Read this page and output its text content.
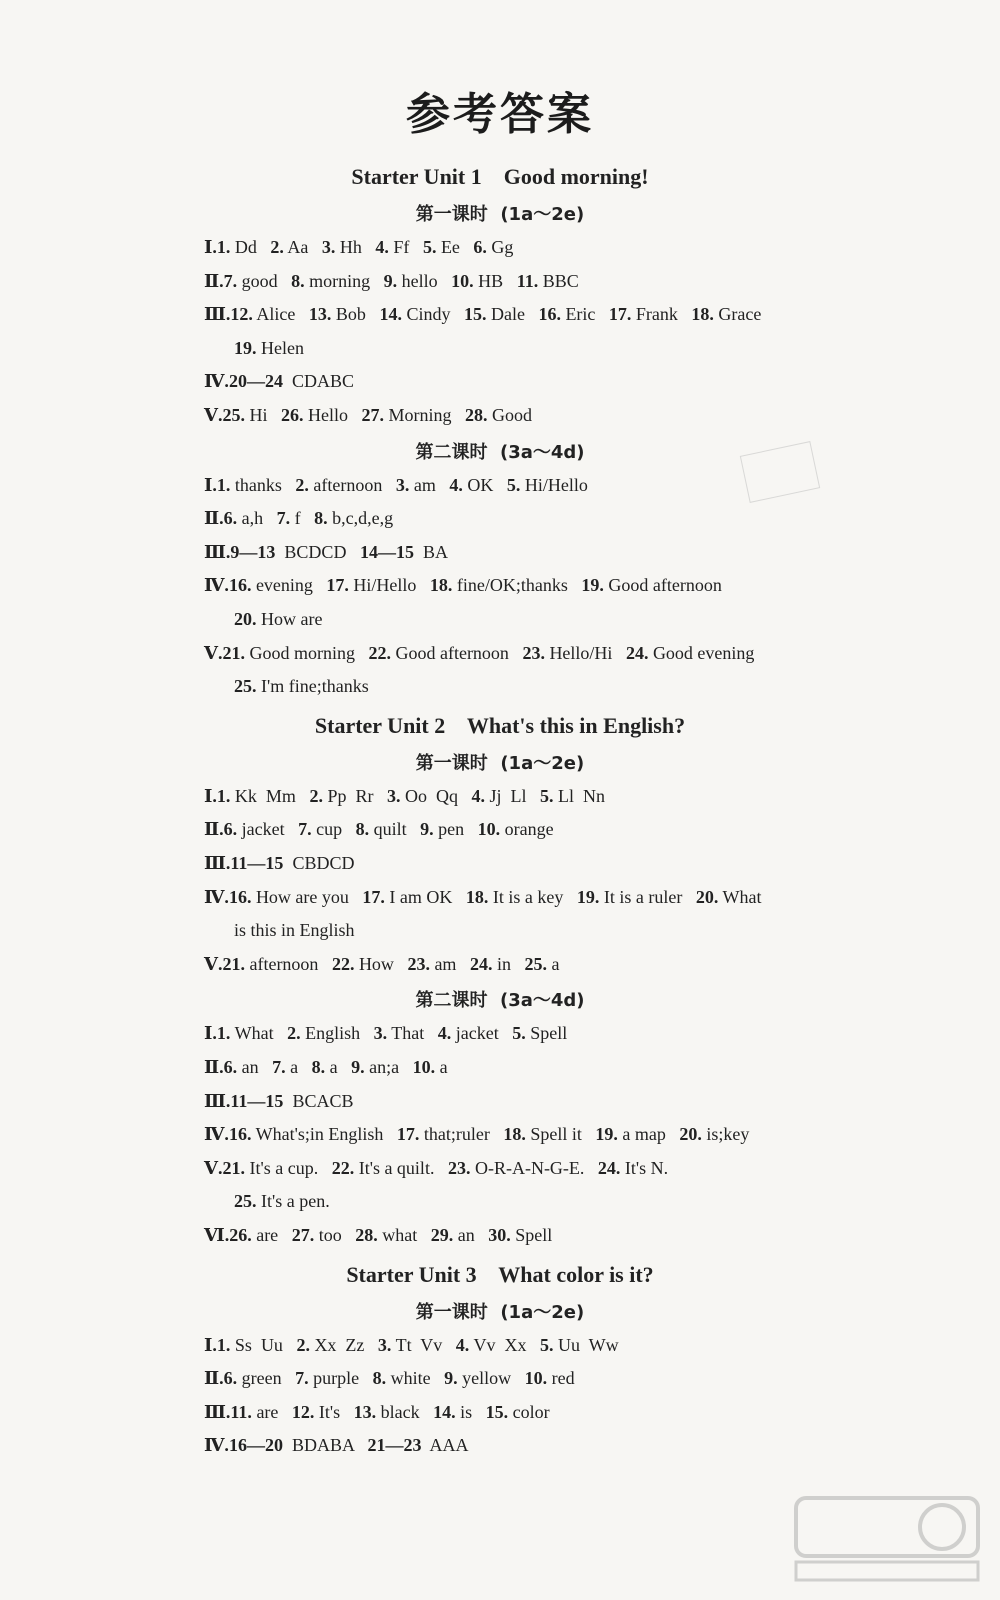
参考答案
Starter Unit 1    Good morning!
第一课时  (1a～2e)
Ⅰ.1. Dd 2. Aa 3. Hh 4. Ff 5. Ee 6. Gg
Ⅱ.7. good 8. morning 9. hello 10. HB 11. BBC
Ⅲ.12. Alice 13. Bob 14. Cindy 15. Dale 16. Eric 17. Frank 18. Grace
19. Helen
Ⅳ.20—24  CDABC
Ⅴ.25. Hi 26. Hello 27. Morning 28. Good
第二课时  (3a～4d)
Ⅰ.1. thanks 2. afternoon 3. am 4. OK 5. Hi/Hello
Ⅱ.6. a,h 7. f 8. b,c,d,e,g
Ⅲ.9—13  BCDCD 14—15  BA
Ⅳ.16. evening 17. Hi/Hello 18. fine/OK;thanks 19. Good afternoon
20. How are
Ⅴ.21. Good morning 22. Good afternoon 23. Hello/Hi 24. Good evening
25. I'm fine;thanks
Starter Unit 2    What's this in English?
第一课时  (1a～2e)
Ⅰ.1. Kk  Mm 2. Pp  Rr 3. Oo  Qq 4. Jj  Ll 5. Ll  Nn
Ⅱ.6. jacket 7. cup 8. quilt 9. pen 10. orange
Ⅲ.11—15  CBDCD
Ⅳ.16. How are you 17. I am OK 18. It is a key 19. It is a ruler 20. What
is this in English
Ⅴ.21. afternoon 22. How 23. am 24. in 25. a
第二课时  (3a～4d)
Ⅰ.1. What 2. English 3. That 4. jacket 5. Spell
Ⅱ.6. an 7. a 8. a 9. an;a 10. a
Ⅲ.11—15  BCACB
Ⅳ.16. What's;in English 17. that;ruler 18. Spell it 19. a map 20. is;key
Ⅴ.21. It's a cup. 22. It's a quilt. 23. O-R-A-N-G-E. 24. It's N.
25. It's a pen.
Ⅵ.26. are 27. too 28. what 29. an 30. Spell
Starter Unit 3    What color is it?
第一课时  (1a～2e)
Ⅰ.1. Ss  Uu 2. Xx  Zz 3. Tt  Vv 4. Vv  Xx 5. Uu  Ww
Ⅱ.6. green 7. purple 8. white 9. yellow 10. red
Ⅲ.11. are 12. It's 13. black 14. is 15. color
Ⅳ.16—20  BDABA 21—23  AAA
